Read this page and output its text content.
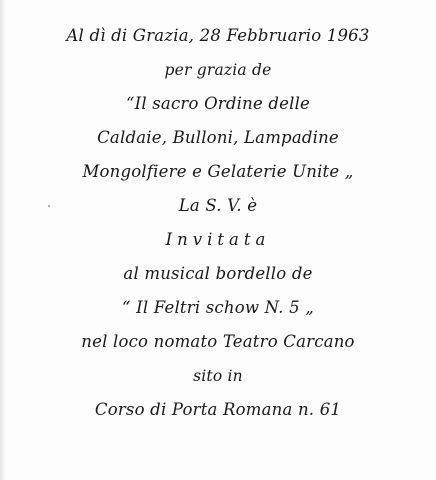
Al dì di Grazia, 28 Febbruario 1963
per grazia de
“Il sacro Ordine delle
Caldaie, Bulloni, Lampadine
Mongolfiere e Gelaterie Unite „
La S. V. è
Invitata
al musical bordello de
“ Il Feltri schow N. 5 „
nel loco nomato Teatro Carcano
sito in
Corso di Porta Romana n. 61
